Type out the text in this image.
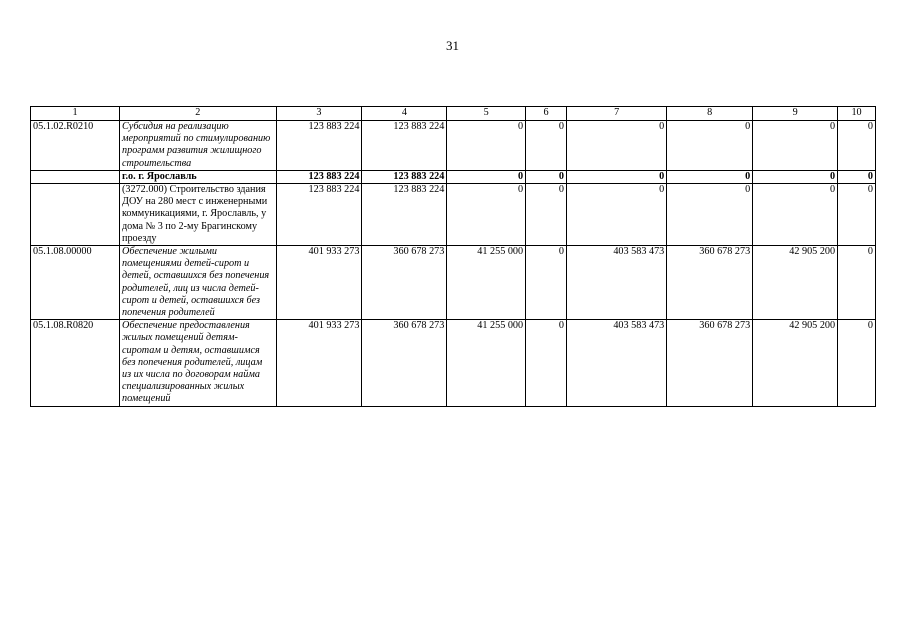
31
1	2	3	4	5	6	7	8	9	10
05.1.02.R0210	Субсидия на реализацию мероприятий по стимулированию программ развития жилищного строительства	123 883 224	123 883 224	0	0	0	0	0	0
	г.о. г. Ярославль	123 883 224	123 883 224	0	0	0	0	0	0
	(3272.000) Строительство здания ДОУ на 280 мест с инженерными коммуникациями, г. Ярославль, у дома № 3 по 2-му Брагинскому проезду	123 883 224	123 883 224	0	0	0	0	0	0
05.1.08.00000	Обеспечение жилыми помещениями детей-сирот и детей, оставшихся без попечения родителей, лиц из числа детей-сирот и детей, оставшихся без попечения родителей	401 933 273	360 678 273	41 255 000	0	403 583 473	360 678 273	42 905 200	0
05.1.08.R0820	Обеспечение предоставления жилых помещений детям-сиротам и детям, оставшимся без попечения родителей, лицам из их числа по договорам найма специализированных жилых помещений	401 933 273	360 678 273	41 255 000	0	403 583 473	360 678 273	42 905 200	0
